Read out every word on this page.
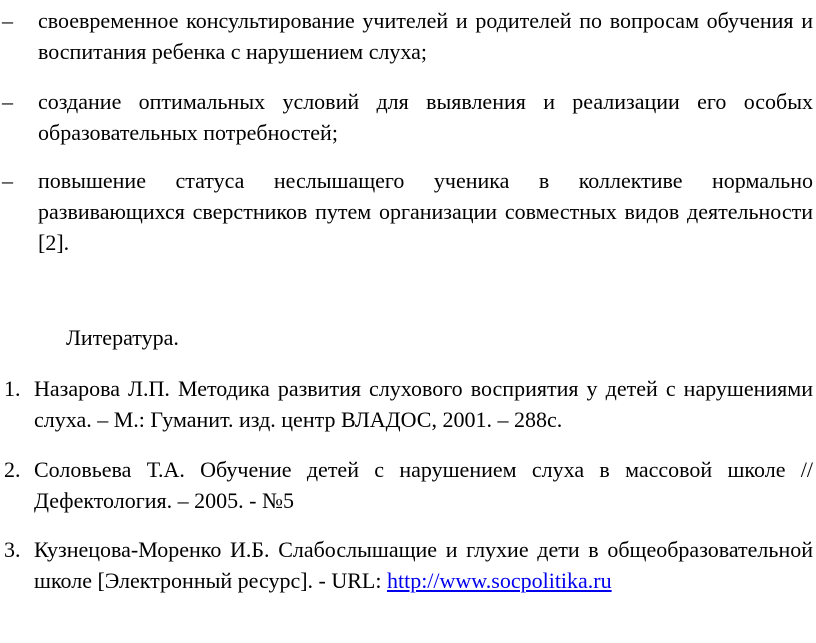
–	своевременное консультирование учителей и родителей по вопросам обучения и воспитания ребенка с нарушением слуха;
–	создание оптимальных условий для выявления и реализации его особых образовательных потребностей;
–	повышение статуса неслышащего ученика в коллективе нормально развивающихся сверстников путем организации совместных видов деятельности [2].
Литература.
1. Назарова Л.П. Методика развития слухового восприятия у детей с нарушениями слуха. – М.: Гуманит. изд. центр ВЛАДОС, 2001. – 288с.
2. Соловьева Т.А. Обучение детей с нарушением слуха в массовой школе // Дефектология. – 2005. - №5
3. Кузнецова-Моренко И.Б. Слабослышащие и глухие дети в общеобразовательной школе [Электронный ресурс]. - URL: http://www.socpolitika.ru
